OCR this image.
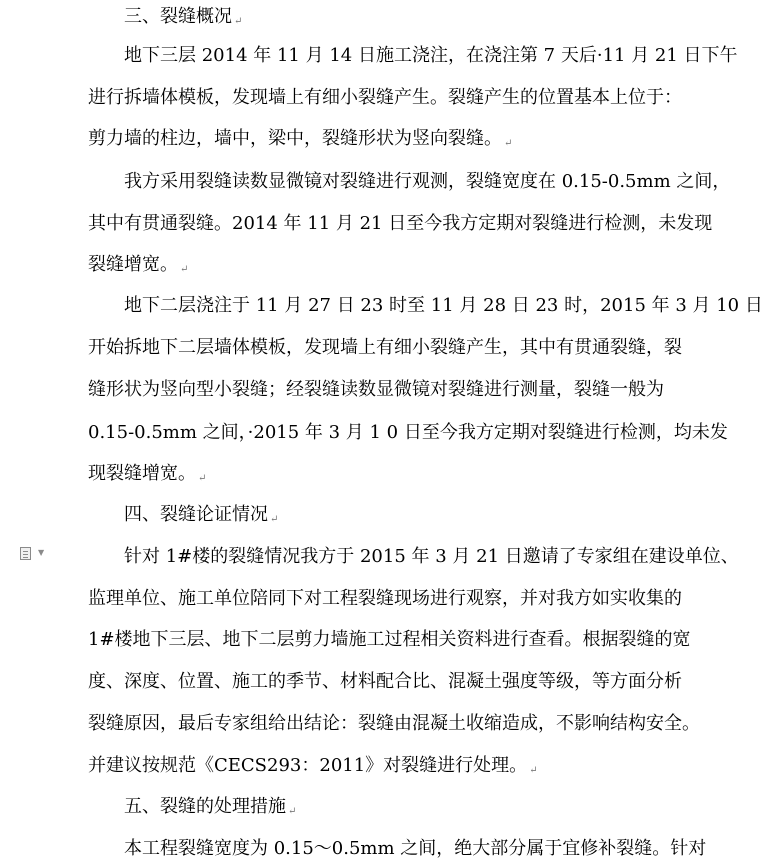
三、裂缝概况 ↵
地下三层 2014 年 11 月 14 日施工浇注，在浇注第 7 天后·11 月 21 日下午
进行拆墙体模板，发现墙上有细小裂缝产生。裂缝产生的位置基本上位于：
剪力墙的柱边，墙中，梁中，裂缝形状为竖向裂缝。 ↵
我方采用裂缝读数显微镜对裂缝进行观测，裂缝宽度在 0.15-0.5mm 之间，
其中有贯通裂缝。2014 年 11 月 21 日至今我方定期对裂缝进行检测，未发现
裂缝增宽。 ↵
地下二层浇注于 11 月 27 日 23 时至 11 月 28 日 23 时，2015 年 3 月 10 日
开始拆地下二层墙体模板，发现墙上有细小裂缝产生，其中有贯通裂缝，裂
缝形状为竖向型小裂缝；经裂缝读数显微镜对裂缝进行测量，裂缝一般为
0.15-0.5mm 之间，·2015 年 3 月 1 0 日至今我方定期对裂缝进行检测，均未发
现裂缝增宽。 ↵
四、裂缝论证情况 ↵
▼	针对 1#楼的裂缝情况我方于 2015 年 3 月 21 日邀请了专家组在建设单位、
监理单位、施工单位陪同下对工程裂缝现场进行观察，并对我方如实收集的
1#楼地下三层、地下二层剪力墙施工过程相关资料进行查看。根据裂缝的宽
度、深度、位置、施工的季节、材料配合比、混凝土强度等级，等方面分析
裂缝原因，最后专家组给出结论：裂缝由混凝土收缩造成，不影响结构安全。
并建议按规范《CECS293：2011》对裂缝进行处理。 ↵
五、裂缝的处理措施 ↵
本工程裂缝宽度为 0.15～0.5mm 之间，绝大部分属于宜修补裂缝。针对
